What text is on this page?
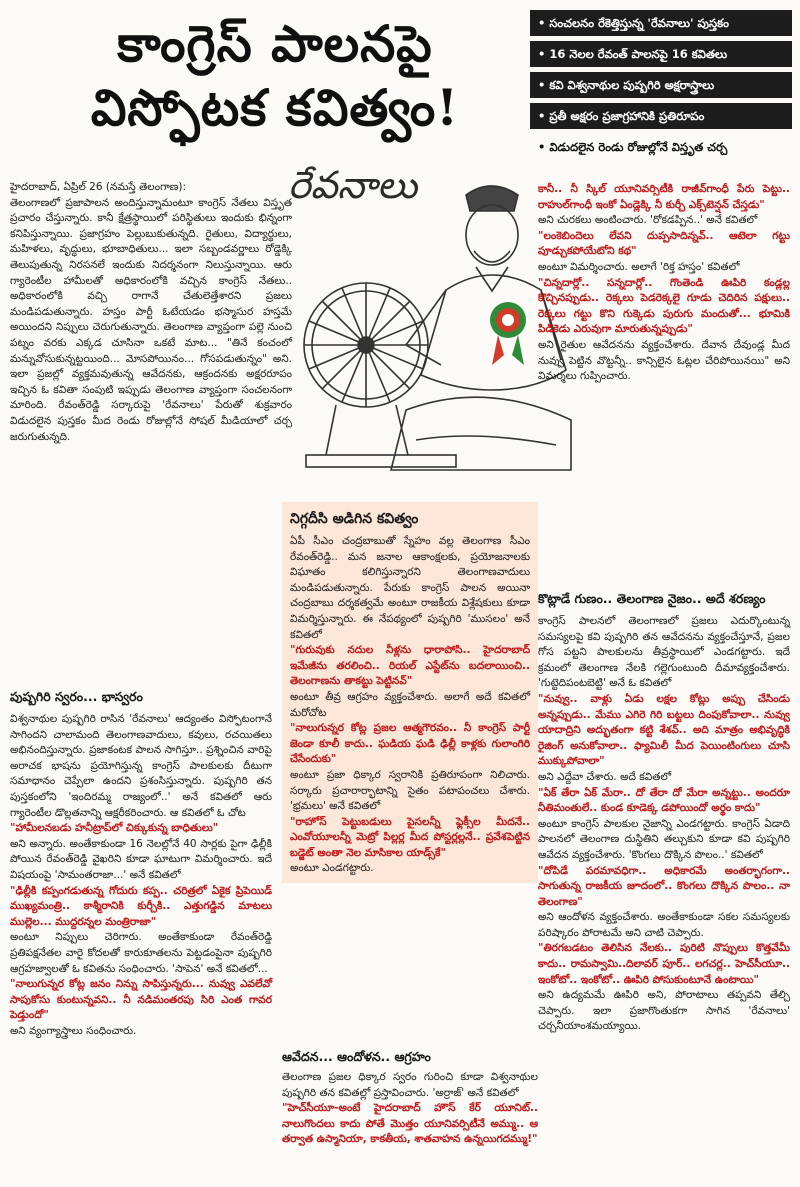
కాంగ్రెస్ పాలనపై
విస్ఫోటక కవిత్వం!
• సంచలనం రేకెత్తిస్తున్న 'రేవనాలు' పుస్తకం
• 16 నెలల రేవంత్ పాలనపై 16 కవితలు
• కవి విశ్వనాథుల పుష్పగిరి అక్షరాస్త్రాలు
• ప్రతీ అక్షరం ప్రజాగ్రహానికి ప్రతిరూపం
• విడుదలైన రెండు రోజుల్లోనే విస్తృత చర్చ
రేవనాలు

హైదరాబాద్, ఏప్రిల్ 26 (నమస్తే తెలంగాణ):

తెలంగాణలో ప్రజాపాలన అందిస్తున్నామంటూ కాంగ్రెస్ నేతలు విస్తృత ప్రచారం చేస్తున్నారు. కానీ క్షేత్రస్థాయిలో పరిస్థితులు ఇందుకు భిన్నంగా కనిపిస్తున్నాయి. ప్రజాగ్రహం పెల్లుబుకుతున్నది. రైతులు, విద్యార్థులు, మహిళలు, వృద్ధులు, భూబాధితులు... ఇలా సబ్బండవర్ణాలు రోడ్డెక్కి తెలుపుతున్న నిరసనలే ఇందుకు నిదర్శనంగా నిలుస్తున్నాయి. ఆరు గ్యారెంటీల హామీలతో అధికారంలోకి వచ్చిన కాంగ్రెస్ నేతలు.. అధికారంలోకి వచ్చి రాగానే చేతులెత్తేశారని ప్రజలు మండిపడుతున్నారు. హస్తం పార్టీ ఓటేయడం భస్మాసుర హస్తమే అయిందని నిప్పులు చెరుగుతున్నారు. తెలంగాణ వ్యాప్తంగా పల్లె నుంచి పట్నం వరకు ఎక్కడ చూసినా ఒకటే మాట... "తినే కంచంలో మన్నువోసుకున్నట్టయింది... మోసపోయినం... గోసపడుతున్నం" అని. ఇలా ప్రజల్లో వ్యక్తమవుతున్న ఆవేదనకు, ఆక్రందనకు అక్షరరూపం ఇచ్చిన ఓ కవితా సంపుటి ఇప్పుడు తెలంగాణ వ్యాప్తంగా సంచలనంగా మారింది. రేవంత్‌రెడ్డి సర్కారుపై 'రేవనాలు' పేరుతో శుక్రవారం విడుదలైన పుస్తకం మీద రెండు రోజుల్లోనే సోషల్ మీడియాలో చర్చ జరుగుతున్నది.

పుష్పగిరి స్వరం... భాస్వరం

విశ్వనాథుల పుష్పగిరి రాసిన 'రేవనాలు' ఆద్యంతం విస్ఫోటంగానే సాగిందని చాలామంది తెలంగాణవాదులు, కవులు, రచయితలు అభినందిస్తున్నారు. ప్రజాకంటక పాలన సాగిస్తూ.. ప్రశ్నించిన వారిపై అరాచక భాషను ప్రయోగిస్తున్న కాంగ్రెస్ పాలకులకు దీటుగా సమాధానం చెప్పేలా ఉందని ప్రశంసిస్తున్నారు. పుష్పగిరి తన పుస్తకంలోని 'ఇందిరమ్మ రాజ్యంలో..' అనే కవితలో ఆరు గ్యారెంటీల డొల్లతనాన్ని ఆక్షరీకరించారు. ఆ కవితలో ఓ చోట

"హామీలనబడు హనీట్రాప్‌లో చిక్కుకున్న బాధితులు"

అని అన్నారు. అంతేకాకుండా 16 నెలల్లోనే 40 సార్లకు పైగా ఢిల్లీకి పోయిన రేవంత్‌రెడ్డి వైఖరిని కూడా ఘాటుగా విమర్శించారు. ఇదే విషయంపై 'సామంతరాజా...' అనే కవితలో

"ఢిల్లీకి కప్పంగడుతున్న గోదురు కప్ప.. చరిత్రలో ఏకైక ప్రిపెయిడ్ ముఖ్యమంత్రి.. కాశ్మీరానికి కుర్చీకి.. ఎత్తుగడ్డిన మాటలు ముల్లెల... ముద్దరన్నల మంత్రిరాజా"

అంటూ నిప్పులు చెరిగారు. అంతేకాకుండా రేవంత్‌రెడ్డి ప్రతిపక్షనేతల వారై కోదలతో కారుకూతలను పెట్టడంపైనా పుష్పగిరి ఆగ్రహజ్వాలతో ఓ కవితను సంధించారు. 'సాపెన' అనే కవితలో...

"నాలుగున్నర కోట్ల జనం నిన్ను సాపిస్తున్నరు... నువ్వు ఎవలేవో సాపుకోసు కుంటున్నవని.. నీ నడిమంతరపు సిరి ఎంత గావర పెడ్తుందో"

అని వ్యంగ్యాస్త్రాలు సంధించారు.

నిగ్గదీసి అడిగిన కవిత్వం

ఏపీ సీఎం చంద్రబాబుతో స్నేహం వల్ల తెలంగాణ సీఎం రేవంత్‌రెడ్డి.. మన జనాల ఆకాంక్షలకు, ప్రయోజనాలకు విఘాతం కలిగిస్తున్నారని తెలంగాణవాదులు మండిపడుతున్నారు. పేరుకు కాంగ్రెస్ పాలన అయినా చంద్రబాబు దర్శకత్వమే అంటూ రాజకీయ విశ్లేషకులు కూడా విమర్శిస్తున్నారు. ఈ నేపథ్యంలో పుష్పగిరి 'ముసలం' అనే కవితలో

"గురువుకు నదుల నీళ్లను ధారాపోసి.. హైదరాబాద్ ఇమేజీను తరలించి.. రియల్ ఎస్టేట్‌ను బదలాయించి.. తెలంగాణను తాకట్టు పెట్టినవ్"

అంటూ తీవ్ర ఆగ్రహం వ్యక్తంచేశారు. అలాగే అదే కవితలో మరోచోట

"నాలుగున్నర కోట్ల ప్రజల ఆత్మగౌరవం.. నీ కాంగ్రెస్ పార్టీ జెండా కూలీ కాదు.. ఘడియ ఘడి ఢిల్లీ కాళ్లకు గులాంగిరి చేసేందుకు"

అంటూ ప్రజా ధిక్కార స్వరానికి ప్రతిరూపంగా నిలిచారు. సర్కారు ప్రచారార్భాటాన్ని సైతం పటాపంచలు చేశారు. 'భ్రమలు' అనే కవితలో

"రాహోస్ పెట్టుబడులు పైసలన్నీ ఫ్లెక్సీల మీదనే.. ఎంవోయూలన్నీ మెట్రో పిల్లర్ల మీద పోస్టర్లల్లనే.. ప్రవేశపెట్టిన బడ్జెట్ అంతా నెల మాసికాల యాడ్స్‌కే"

అంటూ ఎండగట్టారు.

ఆవేదన... ఆందోళన.. ఆగ్రహం

తెలంగాణ ప్రజల ధిక్కార స్వరం గురించి కూడా విశ్వనాథుల పుష్పగిరి తన కవితల్లో ప్రస్తావించారు. 'అర్రాజ్' అనే కవితలో

"హెచ్‌సీయూ-అంటే హైదరాబాద్ హౌస్ కేర్ యూనిట్.. నాలుగొందలు కాదు పోతే మొత్తం యూనివర్సిటీనే అమ్ము.. ఆ తర్వాత ఉస్మానియా, కాకతీయ, శాతవాహన ఉన్నయిగదమ్ము!"

కానీ.. నీ స్కిల్ యూనివర్సిటీకి రాజీవ్‌గాంధీ పేరు పెట్టు.. రాహుల్‌గాంధీ ఇంకో ఏండ్లెక్కి నీ కుర్చీ ఎక్స్‌టెన్షన్ చేస్తడు"

అని చురకలు అంటించారు. 'రోకడప్పిన..' అనే కవితలో

"లంకెబిందెలు లేవని దుప్పసాదిన్నవ్.. ఆటెలా గట్టు పూడ్చుకపోయేటోని కథ"

అంటూ విమర్శించారు. అలాగే 'రిక్త హస్తం' కవితలో

"చిన్నదార్లో.. సన్నదార్లో.. గొంతెండి ఊపిరి కండ్లల్ల కొచ్చినప్పుడు.. రెక్కలు పెడరెక్కలై గూడు చెదిరిన పక్షులు.. రెక్కలు గట్టు కొని గుక్కెడు పురుగు మందుతో... భూమికి పిడికెడు ఎరువుగా మారుతున్నప్పుడు"

అని రైతుల ఆవేదనను వ్యక్తంచేశారు. దేవాన దేవుండ్ల మీద నువ్వు పెట్టిన వొట్టన్నీ.. కాన్సిలైన ఓట్లల చేరిపోయినయి" అని విమర్శలు గుప్పించారు.

కొట్లాడే గుణం.. తెలంగాణ నైజం.. అదే శరణ్యం

కాంగ్రెస్ పాలనలో తెలంగాణలో ప్రజలు ఎదుర్కొంటున్న సమస్యలపై కవి పుష్పగిరి తన ఆవేదనను వ్యక్తంచేస్తూనే, ప్రజల గోస పట్టని పాలకులను తీవ్రస్థాయిలో ఎండగట్టారు. ఇదే క్రమంలో తెలంగాణ నేలకి గల్లెగుంటుంది దీమావ్యక్తంచేశారు. 'గుట్టెదిపంటబెట్టి' అనే ఓ కవితలో

"నువ్వు.. వాళ్లు ఏడు లక్షల కోట్లు అప్పు చేసిండు అన్నప్పుడు.. మేము ఎగిరె గిరి బట్టలు దింపుకోవాలా.. నువ్వు యాదాద్రిని అద్భుతంగా కట్టి శేశవ్.. అది మాత్రం అభివృద్ధికి రైజింగ్ అనుకోవాలా.. ఫ్యామిలీ మీద పెయింటింగులు చూసి ముక్కుపోవాలా"

అని ఎద్దేవా చేశారు. అదే కవితలో

"ఏక్ తేరా ఏక్ మేరా.. దో తేరా దో మేరా అన్నట్టు.. అందరూ నీతిమంతులే.. కుండ కూడెక్క డపోయిందో అర్థం కాదు"

అంటూ కాంగ్రెస్ పాలకుల నైజాన్ని ఎండగట్టారు. కాంగ్రెస్ ఏడాది పాలనలో తెలంగాణ దుస్థితిని తల్చుకుని కూడా కవి పుష్పగిరి ఆవేదన వ్యక్తంచేశారు. 'కొంగలు దొక్కిన పొలం..' కవితలో

"దోపిడే పరమావధిగా.. అధికారమే అంతర్భాగంగా.. సాగుతున్న రాజకీయ జూదంలో.. కొంగలు దొక్కిన పొలం.. నా తెలంగాణ"

అని ఆందోళన వ్యక్తంచేశారు. అంతేకాకుండా సకల సమస్యలకు పరిష్కారం పోరాటమే అని చాటి చెప్పారు.

"తిరగబడటం తెలిసిన నేలకు.. పురిటి నొప్పులు కొత్తవేమీ కాదు.. రామస్వామి..దిలావర్ పూర్.. లగచర్ల.. హెచ్‌సీయూ.. ఇంకోటో.. ఇంకోటో.. ఊపిరి పోసుకుంటూనే ఉంటాయి"

అని ఉద్యమమే ఊపిరి అని, పోరాటాలు తప్పవని తేల్చి చెప్పారు. ఇలా ప్రజాగొంతుకగా సాగిన 'రేవనాలు' చర్చనీయాంశమయ్యాయి.
